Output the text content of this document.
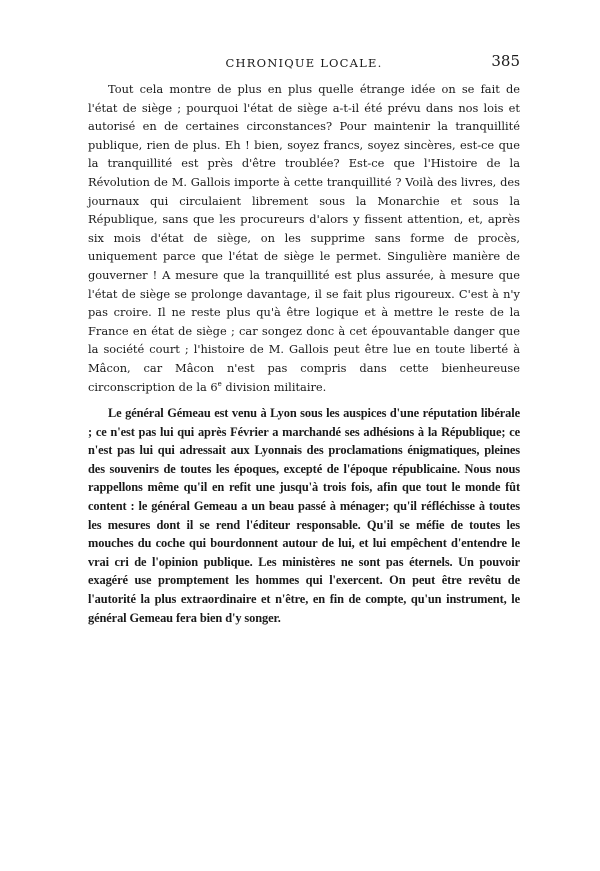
CHRONIQUE LOCALE.	385

Tout cela montre de plus en plus quelle étrange idée on se fait de l'état de siège ; pourquoi l'état de siège a-t-il été prévu dans nos lois et autorisé en de certaines circonstances? Pour maintenir la tranquillité publique, rien de plus. Eh ! bien, soyez francs, soyez sincères, est-ce que la tranquillité est près d'être troublée? Est-ce que l'Histoire de la Révolution de M. Gallois importe à cette tranquillité ? Voilà des livres, des journaux qui circulaient librement sous la Monarchie et sous la République, sans que les procureurs d'alors y fissent attention, et, après six mois d'état de siège, on les supprime sans forme de procès, uniquement parce que l'état de siège le permet. Singulière manière de gouverner ! A mesure que la tranquillité est plus assurée, à mesure que l'état de siège se prolonge davantage, il se fait plus rigoureux. C'est à n'y pas croire. Il ne reste plus qu'à être logique et à mettre le reste de la France en état de siège ; car songez donc à cet épouvantable danger que la société court ; l'histoire de M. Gallois peut être lue en toute liberté à Mâcon, car Mâcon n'est pas compris dans cette bienheureuse circonscription de la 6e division militaire.

Le général Gémeau est venu à Lyon sous les auspices d'une réputation libérale ; ce n'est pas lui qui après Février a marchandé ses adhésions à la République; ce n'est pas lui qui adressait aux Lyonnais des proclamations énigmatiques, pleines des souvenirs de toutes les époques, excepté de l'époque républicaine. Nous nous rappellons même qu'il en refit une jusqu'à trois fois, afin que tout le monde fût content : le général Gemeau a un beau passé à ménager; qu'il réfléchisse à toutes les mesures dont il se rend l'éditeur responsable. Qu'il se méfie de toutes les mouches du coche qui bourdonnent autour de lui, et lui empêchent d'entendre le vrai cri de l'opinion publique. Les ministères ne sont pas éternels. Un pouvoir exagéré use promptement les hommes qui l'exercent. On peut être revêtu de l'autorité la plus extraordinaire et n'être, en fin de compte, qu'un instrument, le général Gemeau fera bien d'y songer.
